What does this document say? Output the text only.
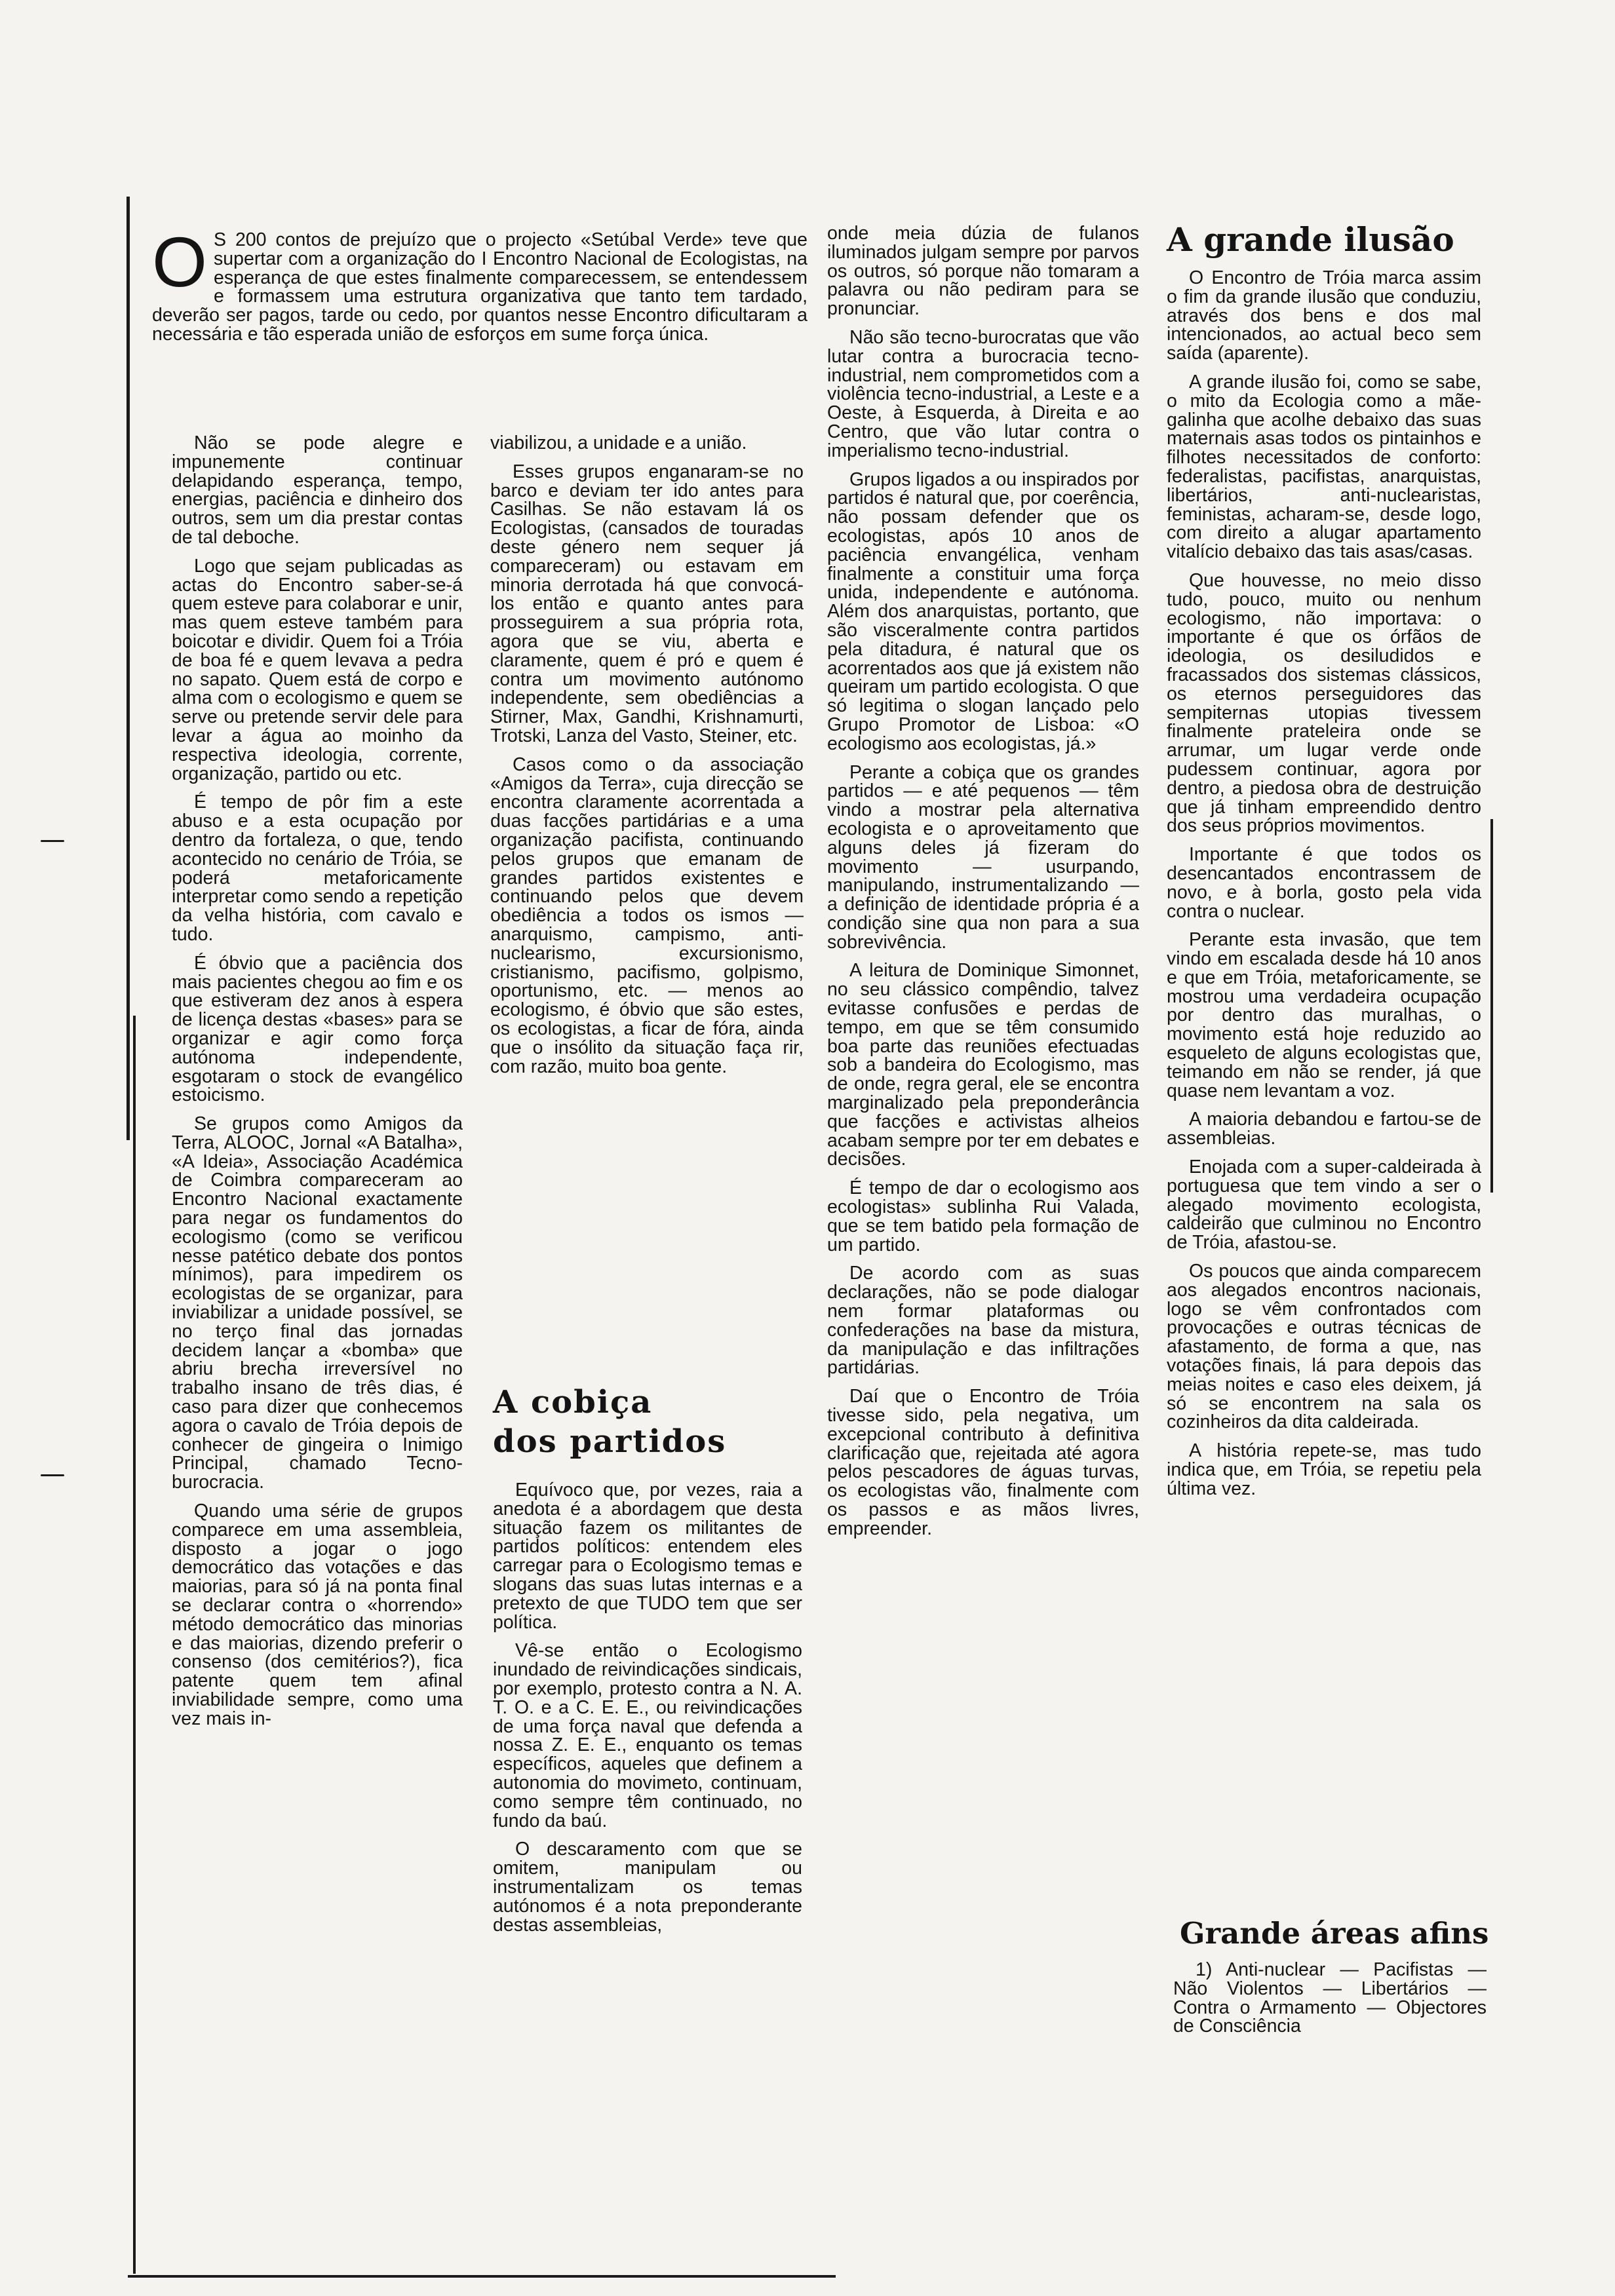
O S 200 contos de prejuízo que o projecto «Setúbal Verde» teve que supertar com a organização do I Encontro Nacional de Ecologistas, na esperança de que estes finalmente comparecessem, se entendessem e formassem uma estrutura organizativa que tanto tem tardado, deverão ser pagos, tarde ou cedo, por quantos nesse Encontro dificultaram a necessária e tão esperada união de esforços em sume força única.

Não se pode alegre e impunemente continuar delapidando esperança, tempo, energias, paciência e dinheiro dos outros, sem um dia prestar contas de tal deboche.

Logo que sejam publicadas as actas do Encontro saber-se-á quem esteve para colaborar e unir, mas quem esteve também para boicotar e dividir. Quem foi a Tróia de boa fé e quem levava a pedra no sapato. Quem está de corpo e alma com o ecologismo e quem se serve ou pretende servir dele para levar a água ao moinho da respectiva ideologia, corrente, organização, partido ou etc.

É tempo de pôr fim a este abuso e a esta ocupação por dentro da fortaleza, o que, tendo acontecido no cenário de Tróia, se poderá metaforicamente interpretar como sendo a repetição da velha história, com cavalo e tudo.

É óbvio que a paciência dos mais pacientes chegou ao fim e os que estiveram dez anos à espera de licença destas «bases» para se organizar e agir como força autónoma independente, esgotaram o stock de evangélico estoicismo.

Se grupos como Amigos da Terra, ALOOC, Jornal «A Batalha», «A Ideia», Associação Académica de Coimbra compareceram ao Encontro Nacional exactamente para negar os fundamentos do ecologismo (como se verificou nesse patético debate dos pontos mínimos), para impedirem os ecologistas de se organizar, para inviabilizar a unidade possível, se no terço final das jornadas decidem lançar a «bomba» que abriu brecha irreversível no trabalho insano de três dias, é caso para dizer que conhecemos agora o cavalo de Tróia depois de conhecer de gingeira o Inimigo Principal, chamado Tecno-burocracia.

Quando uma série de grupos comparece em uma assembleia, disposto a jogar o jogo democrático das votações e das maiorias, para só já na ponta final se declarar contra o «horrendo» método democrático das minorias e das maiorias, dizendo preferir o consenso (dos cemitérios?), fica patente quem tem afinal inviabilidade sempre, como uma vez mais in-

viabilizou, a unidade e a união.

Esses grupos enganaram-se no barco e deviam ter ido antes para Casilhas. Se não estavam lá os Ecologistas, (cansados de touradas deste género nem sequer já compareceram) ou estavam em minoria derrotada há que convocá-los então e quanto antes para prosseguirem a sua própria rota, agora que se viu, aberta e claramente, quem é pró e quem é contra um movimento autónomo independente, sem obediências a Stirner, Max, Gandhi, Krishnamurti, Trotski, Lanza del Vasto, Steiner, etc.

Casos como o da associação «Amigos da Terra», cuja direcção se encontra claramente acorrentada a duas facções partidárias e a uma organização pacifista, continuando pelos grupos que emanam de grandes partidos existentes e continuando pelos que devem obediência a todos os ismos — anarquismo, campismo, anti-nuclearismo, excursionismo, cristianismo, pacifismo, golpismo, oportunismo, etc. — menos ao ecologismo, é óbvio que são estes, os ecologistas, a ficar de fóra, ainda que o insólito da situação faça rir, com razão, muito boa gente.

A cobiça
dos partidos

Equívoco que, por vezes, raia a anedota é a abordagem que desta situação fazem os militantes de partidos políticos: entendem eles carregar para o Ecologismo temas e slogans das suas lutas internas e a pretexto de que TUDO tem que ser política.

Vê-se então o Ecologismo inundado de reivindicações sindicais, por exemplo, protesto contra a N. A. T. O. e a C. E. E., ou reivindicações de uma força naval que defenda a nossa Z. E. E., enquanto os temas específicos, aqueles que definem a autonomia do movimeto, continuam, como sempre têm continuado, no fundo da baú.

O descaramento com que se omitem, manipulam ou instrumentalizam os temas autónomos é a nota preponderante destas assembleias,

onde meia dúzia de fulanos iluminados julgam sempre por parvos os outros, só porque não tomaram a palavra ou não pediram para se pronunciar.

Não são tecno-burocratas que vão lutar contra a burocracia tecno-industrial, nem comprometidos com a violência tecno-industrial, a Leste e a Oeste, à Esquerda, à Direita e ao Centro, que vão lutar contra o imperialismo tecno-industrial.

Grupos ligados a ou inspirados por partidos é natural que, por coerência, não possam defender que os ecologistas, após 10 anos de paciência envangélica, venham finalmente a constituir uma força unida, independente e autónoma. Além dos anarquistas, portanto, que são visceralmente contra partidos pela ditadura, é natural que os acorrentados aos que já existem não queiram um partido ecologista. O que só legitima o slogan lançado pelo Grupo Promotor de Lisboa: «O ecologismo aos ecologistas, já.»

Perante a cobiça que os grandes partidos — e até pequenos — têm vindo a mostrar pela alternativa ecologista e o aproveitamento que alguns deles já fizeram do movimento — usurpando, manipulando, instrumentalizando — a definição de identidade própria é a condição sine qua non para a sua sobrevivência.

A leitura de Dominique Simonnet, no seu clássico compêndio, talvez evitasse confusões e perdas de tempo, em que se têm consumido boa parte das reuniões efectuadas sob a bandeira do Ecologismo, mas de onde, regra geral, ele se encontra marginalizado pela preponderância que facções e activistas alheios acabam sempre por ter em debates e decisões.

É tempo de dar o ecologismo aos ecologistas» sublinha Rui Valada, que se tem batido pela formação de um partido.

De acordo com as suas declarações, não se pode dialogar nem formar plataformas ou confederações na base da mistura, da manipulação e das infiltrações partidárias.

Daí que o Encontro de Tróia tivesse sido, pela negativa, um excepcional contributo à definitiva clarificação que, rejeitada até agora pelos pescadores de águas turvas, os ecologistas vão, finalmente com os passos e as mãos livres, empreender.

A grande ilusão

O Encontro de Tróia marca assim o fim da grande ilusão que conduziu, através dos bens e dos mal intencionados, ao actual beco sem saída (aparente).

A grande ilusão foi, como se sabe, o mito da Ecologia como a mãe-galinha que acolhe debaixo das suas maternais asas todos os pintainhos e filhotes necessitados de conforto: federalistas, pacifistas, anarquistas, libertários, anti-nuclearistas, feministas, acharam-se, desde logo, com direito a alugar apartamento vitalício debaixo das tais asas/casas.

Que houvesse, no meio disso tudo, pouco, muito ou nenhum ecologismo, não importava: o importante é que os órfãos de ideologia, os desiludidos e fracassados dos sistemas clássicos, os eternos perseguidores das sempiternas utopias tivessem finalmente prateleira onde se arrumar, um lugar verde onde pudessem continuar, agora por dentro, a piedosa obra de destruição que já tinham empreendido dentro dos seus próprios movimentos.

Importante é que todos os desencantados encontrassem de novo, e à borla, gosto pela vida contra o nuclear.

Perante esta invasão, que tem vindo em escalada desde há 10 anos e que em Tróia, metaforicamente, se mostrou uma verdadeira ocupação por dentro das muralhas, o movimento está hoje reduzido ao esqueleto de alguns ecologistas que, teimando em não se render, já que quase nem levantam a voz.

A maioria debandou e fartou-se de assembleias.

Enojada com a super-caldeirada à portuguesa que tem vindo a ser o alegado movimento ecologista, caldeirão que culminou no Encontro de Tróia, afastou-se.

Os poucos que ainda comparecem aos alegados encontros nacionais, logo se vêm confrontados com provocações e outras técnicas de afastamento, de forma a que, nas votações finais, lá para depois das meias noites e caso eles deixem, já só se encontrem na sala os cozinheiros da dita caldeirada.

A história repete-se, mas tudo indica que, em Tróia, se repetiu pela última vez.

Grande áreas afins

1) Anti-nuclear — Pacifistas — Não Violentos — Libertários — Contra o Armamento — Objectores de Consciência
